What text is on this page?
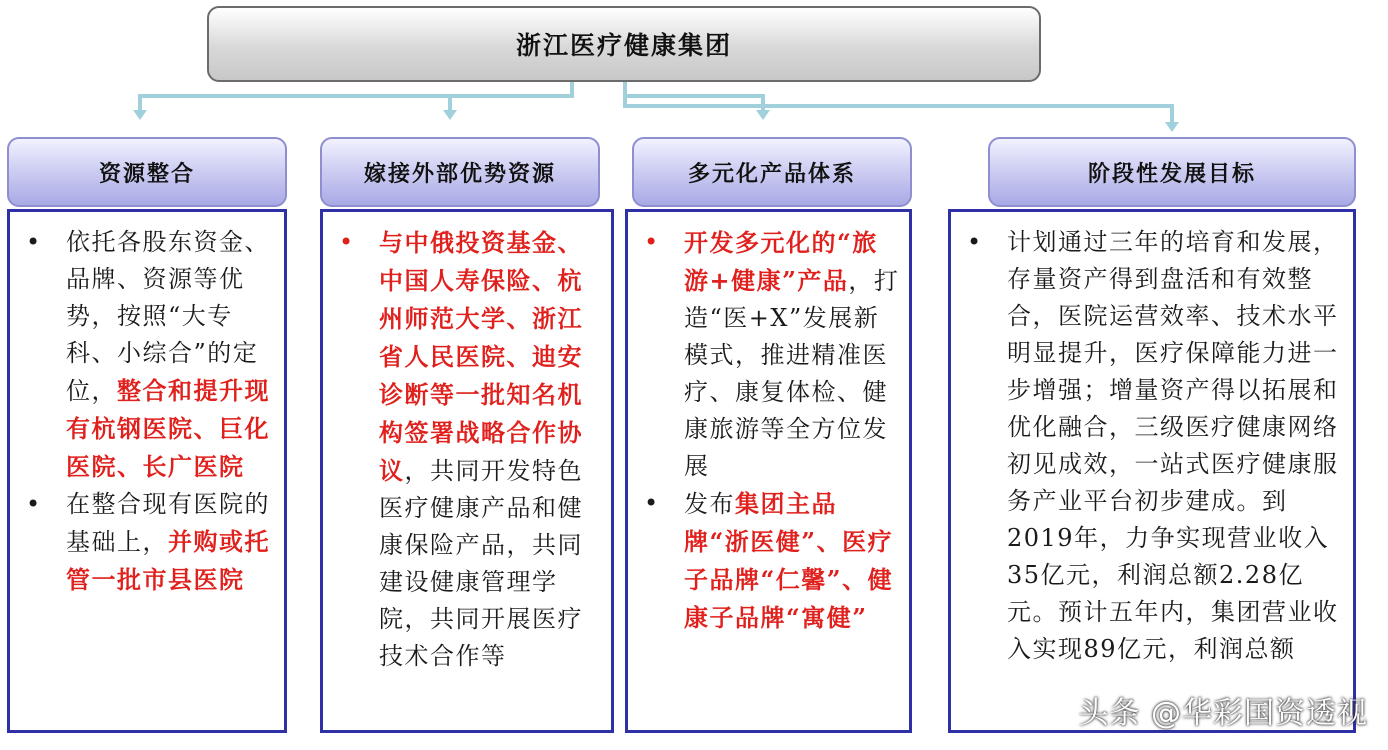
浙江医疗健康集团
资源整合	嫁接外部优势资源	多元化产品体系	阶段性发展目标
• 依托各股东资金、品牌、资源等优势，按照“大专科、小综合”的定位，整合和提升现有杭钢医院、巨化医院、长广医院
• 在整合现有医院的基础上，并购或托管一批市县医院
• 与中俄投资基金、中国人寿保险、杭州师范大学、浙江省人民医院、迪安诊断等一批知名机构签署战略合作协议，共同开发特色医疗健康产品和健康保险产品，共同建设健康管理学院，共同开展医疗技术合作等
• 开发多元化的“旅游+健康”产品，打造“医+X”发展新模式，推进精准医疗、康复体检、健康旅游等全方位发展
• 发布集团主品牌“浙医健”、医疗子品牌“仁馨”、健康子品牌“寓健”
• 计划通过三年的培育和发展，存量资产得到盘活和有效整合，医院运营效率、技术水平明显提升，医疗保障能力进一步增强；增量资产得以拓展和优化融合，三级医疗健康网络初见成效，一站式医疗健康服务产业平台初步建成。到2019年，力争实现营业收入35亿元，利润总额2.28亿元。预计五年内，集团营业收入实现89亿元，利润总额
头条 @华彩国资透视
